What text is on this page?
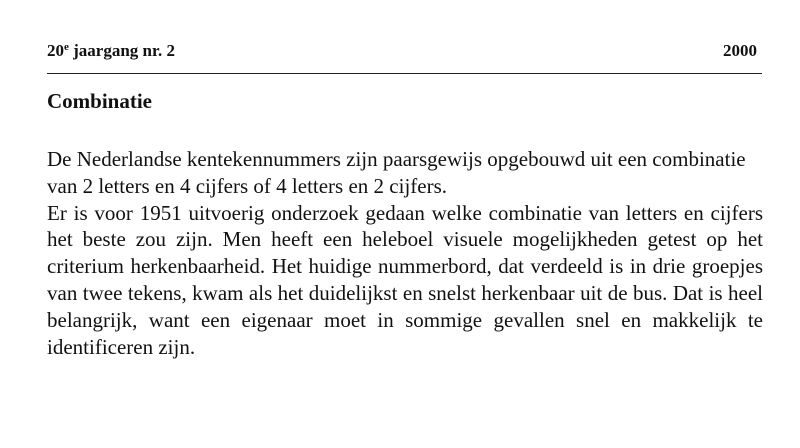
20e jaargang nr. 2	2000
Combinatie

De Nederlandse kentekennummers zijn paarsgewijs opgebouwd uit een combinatie van 2 letters en 4 cijfers of 4 letters en 2 cijfers.

Er is voor 1951 uitvoerig onderzoek gedaan welke combinatie van letters en cijfers het beste zou zijn. Men heeft een heleboel visuele mogelijkheden getest op het criterium herkenbaarheid. Het huidige nummerbord, dat verdeeld is in drie groepjes van twee tekens, kwam als het duidelijkst en snelst herkenbaar uit de bus. Dat is heel belangrijk, want een eigenaar moet in sommige gevallen snel en makkelijk te identificeren zijn.
